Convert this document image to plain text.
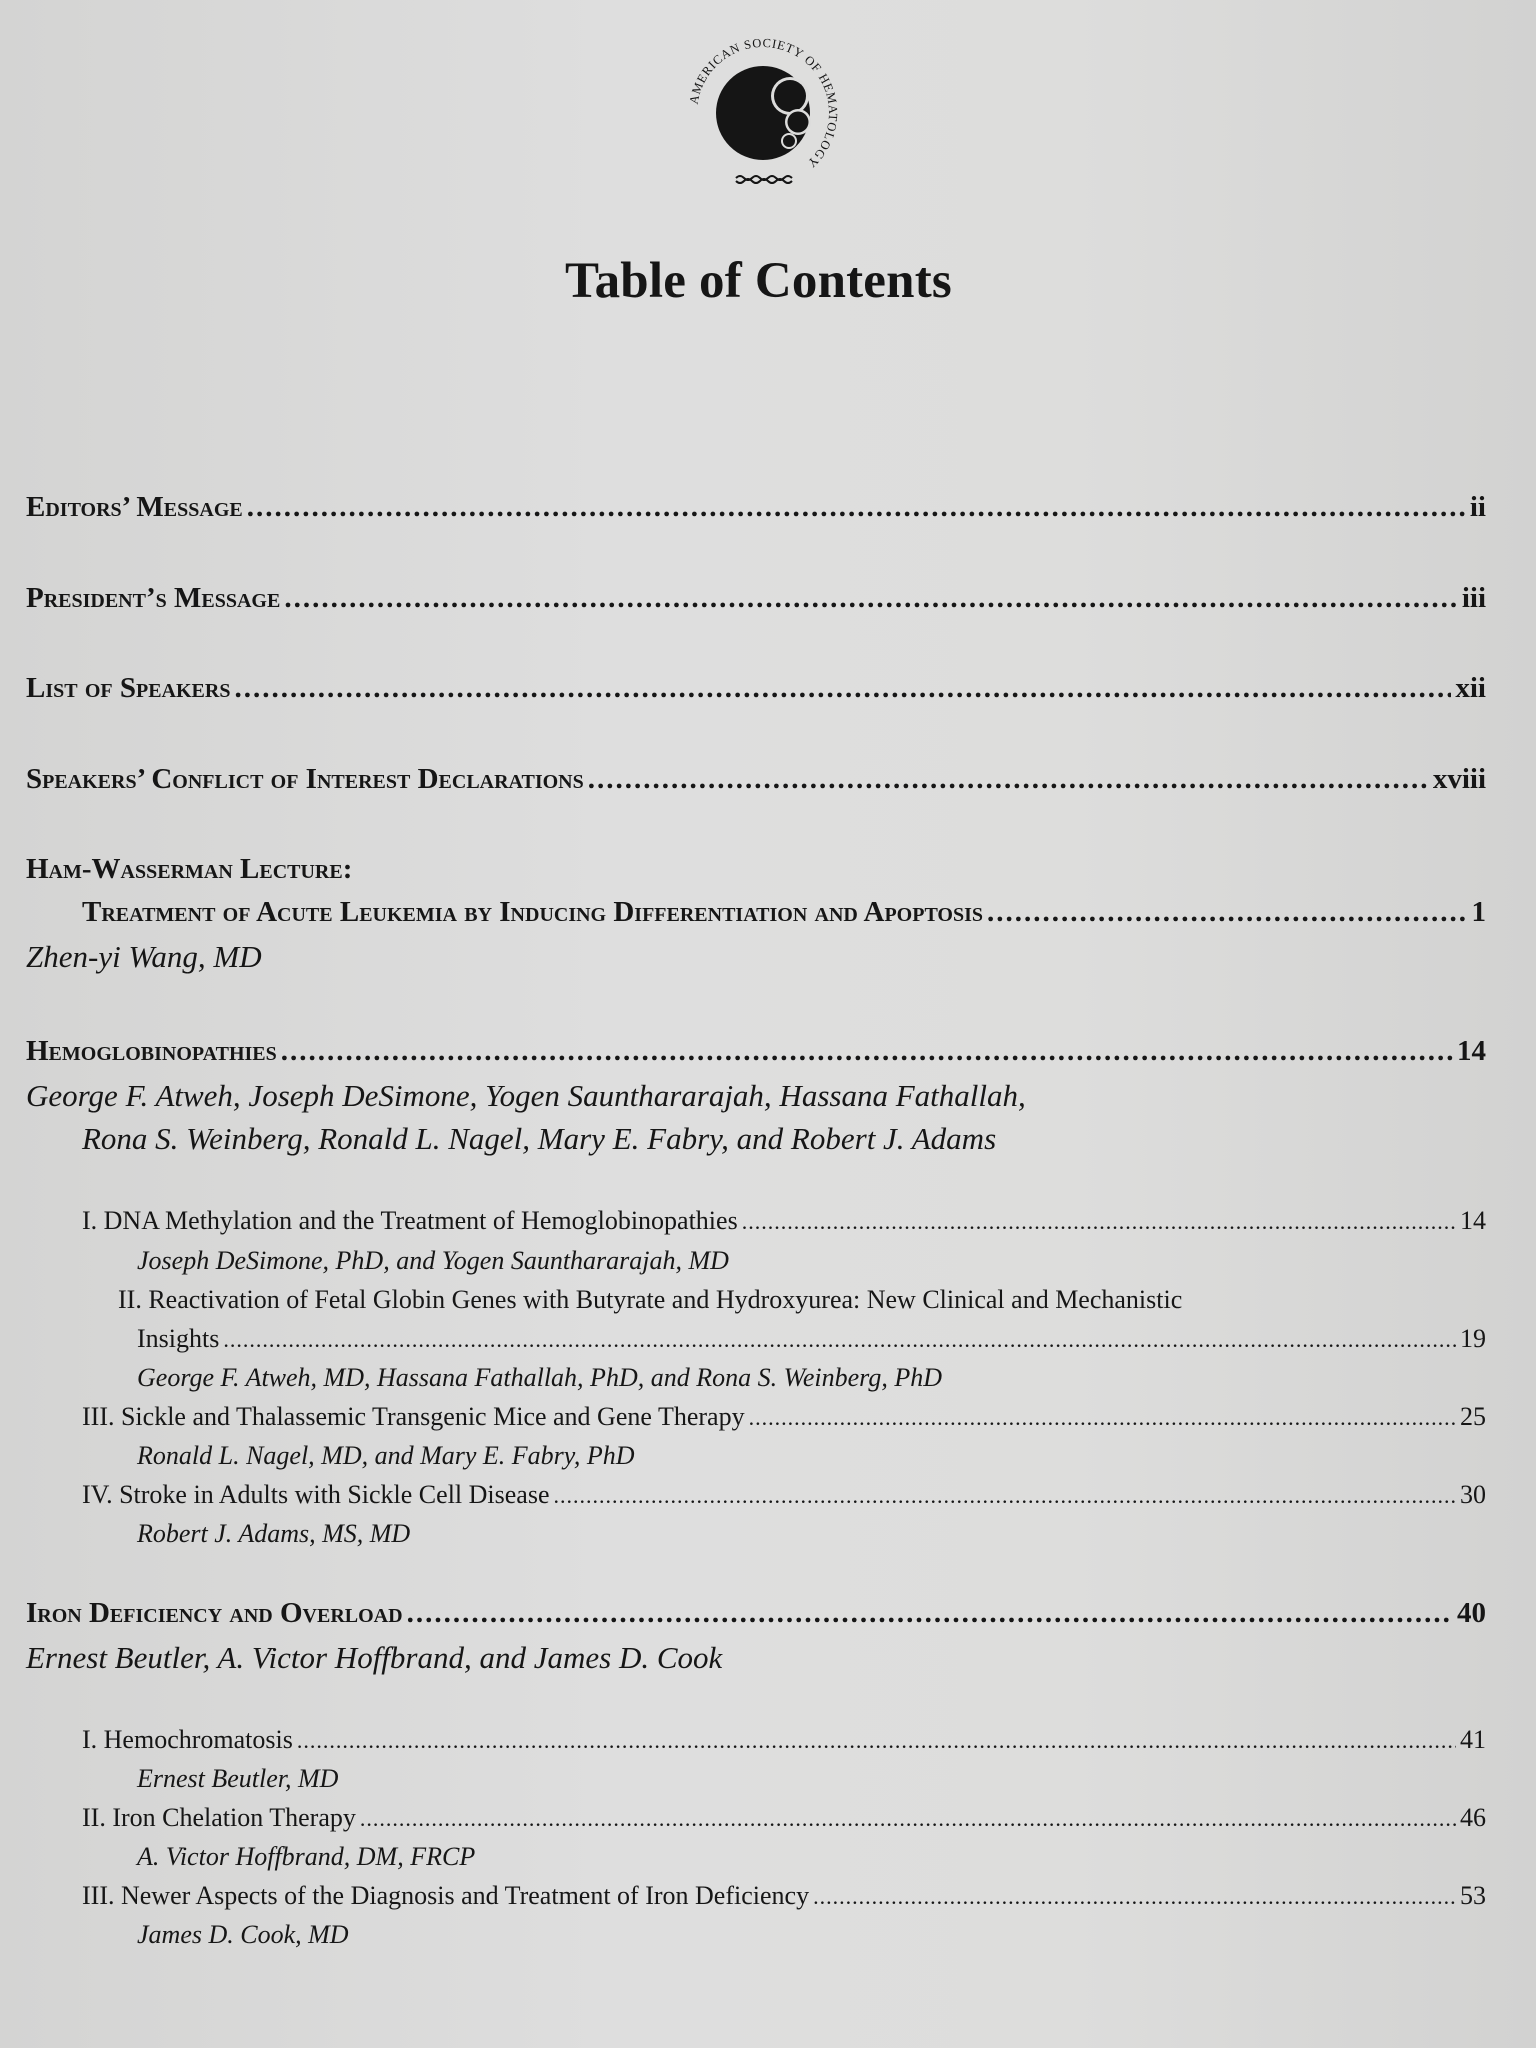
AMERICAN SOCIETY OF HEMATOLOGY
Table of Contents
Editors’ Message .....	ii
President’s Message .....	iii
List of Speakers .....	xii
Speakers’ Conflict of Interest Declarations .....	xviii
Ham-Wasserman Lecture:
Treatment of Acute Leukemia by Inducing Differentiation and Apoptosis .....	1
Zhen-yi Wang, MD
Hemoglobinopathies .....	14
George F. Atweh, Joseph DeSimone, Yogen Saunthararajah, Hassana Fathallah,
Rona S. Weinberg, Ronald L. Nagel, Mary E. Fabry, and Robert J. Adams
I. DNA Methylation and the Treatment of Hemoglobinopathies .....	14
Joseph DeSimone, PhD, and Yogen Saunthararajah, MD
II. Reactivation of Fetal Globin Genes with Butyrate and Hydroxyurea: New Clinical and Mechanistic
Insights .....	19
George F. Atweh, MD, Hassana Fathallah, PhD, and Rona S. Weinberg, PhD
III. Sickle and Thalassemic Transgenic Mice and Gene Therapy .....	25
Ronald L. Nagel, MD, and Mary E. Fabry, PhD
IV. Stroke in Adults with Sickle Cell Disease .....	30
Robert J. Adams, MS, MD
Iron Deficiency and Overload .....	40
Ernest Beutler, A. Victor Hoffbrand, and James D. Cook
I. Hemochromatosis .....	41
Ernest Beutler, MD
II. Iron Chelation Therapy .....	46
A. Victor Hoffbrand, DM, FRCP
III. Newer Aspects of the Diagnosis and Treatment of Iron Deficiency .....	53
James D. Cook, MD
